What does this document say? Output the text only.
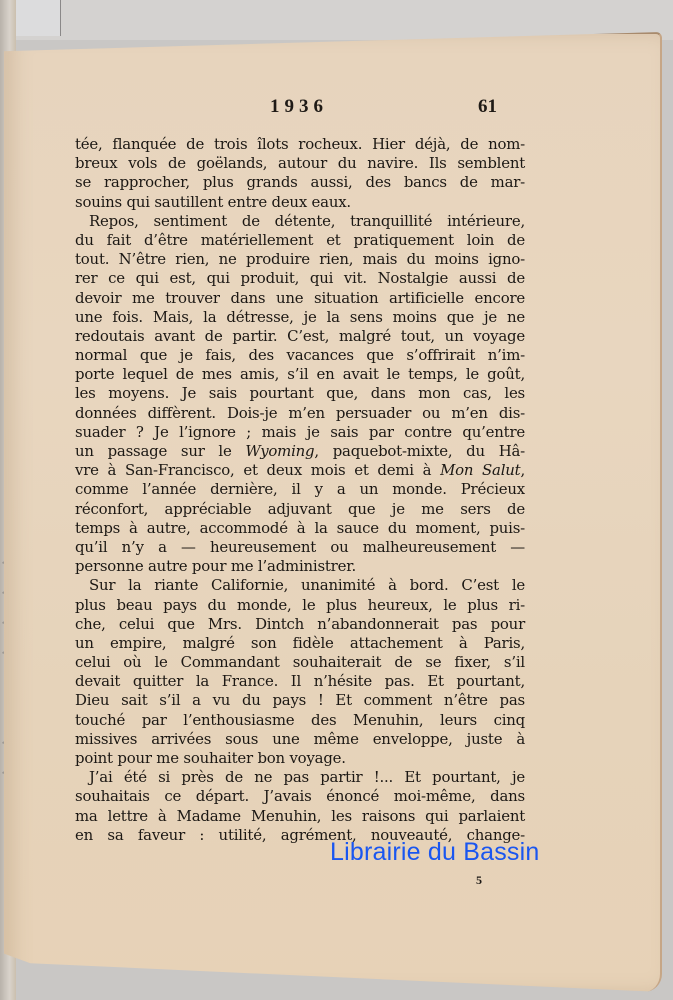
1936	61
tée, flanquée de trois îlots rocheux. Hier déjà, de nom-
breux vols de goëlands, autour du navire. Ils semblent
se rapprocher, plus grands aussi, des bancs de mar-
souins qui sautillent entre deux eaux.
Repos, sentiment de détente, tranquillité intérieure,
du fait d’être matériellement et pratiquement loin de
tout. N’être rien, ne produire rien, mais du moins igno-
rer ce qui est, qui produit, qui vit. Nostalgie aussi de
devoir me trouver dans une situation artificielle encore
une fois. Mais, la détresse, je la sens moins que je ne
redoutais avant de partir. C’est, malgré tout, un voyage
normal que je fais, des vacances que s’offrirait n’im-
porte lequel de mes amis, s’il en avait le temps, le goût,
les moyens. Je sais pourtant que, dans mon cas, les
données diffèrent. Dois-je m’en persuader ou m’en dis-
suader ? Je l’ignore ; mais je sais par contre qu’entre
un passage sur le Wyoming, paquebot-mixte, du Hâ-
vre à San-Francisco, et deux mois et demi à Mon Salut,
comme l’année dernière, il y a un monde. Précieux
réconfort, appréciable adjuvant que je me sers de
temps à autre, accommodé à la sauce du moment, puis-
qu’il n’y a — heureusement ou malheureusement —
personne autre pour me l’administrer.
Sur la riante Californie, unanimité à bord. C’est le
plus beau pays du monde, le plus heureux, le plus ri-
che, celui que Mrs. Dintch n’abandonnerait pas pour
un empire, malgré son fidèle attachement à Paris,
celui où le Commandant souhaiterait de se fixer, s’il
devait quitter la France. Il n’hésite pas. Et pourtant,
Dieu sait s’il a vu du pays ! Et comment n’être pas
touché par l’enthousiasme des Menuhin, leurs cinq
missives arrivées sous une même enveloppe, juste à
point pour me souhaiter bon voyage.
J’ai été si près de ne pas partir !... Et pourtant, je
souhaitais ce départ. J’avais énoncé moi-même, dans
ma lettre à Madame Menuhin, les raisons qui parlaient
en sa faveur : utilité, agrément, nouveauté, change-
5
Librairie du Bassin
